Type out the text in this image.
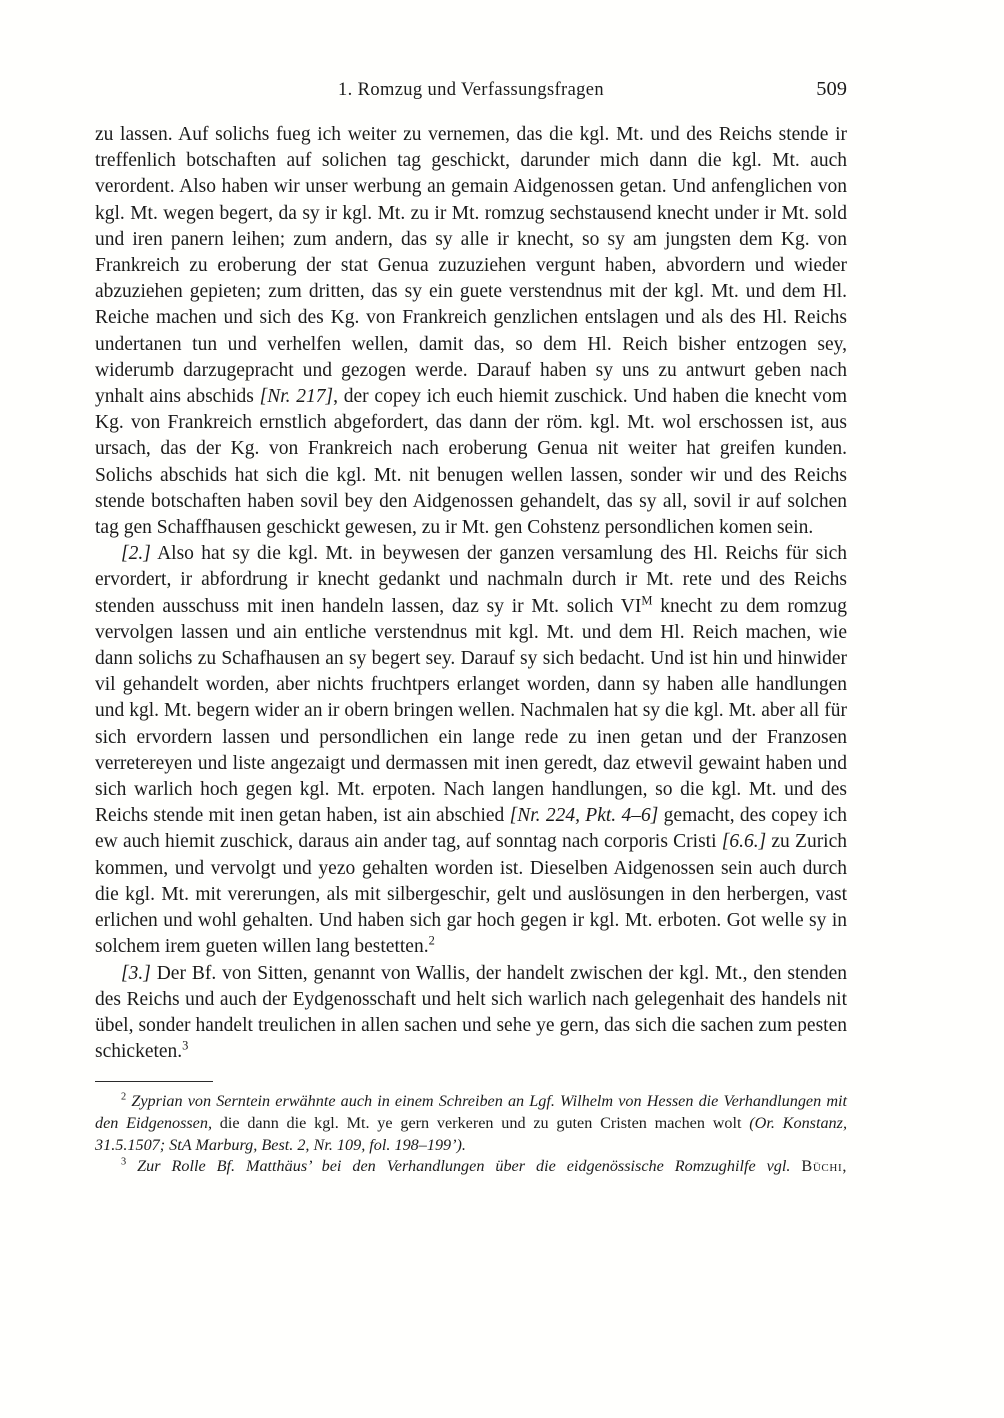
1. Romzug und Verfassungsfragen	509

zu lassen. Auf solichs fueg ich weiter zu vernemen, das die kgl. Mt. und des Reichs stende ir treffenlich botschaften auf solichen tag geschickt, darunder mich dann die kgl. Mt. auch verordent. Also haben wir unser werbung an gemain Aidgenossen getan. Und anfenglichen von kgl. Mt. wegen begert, da sy ir kgl. Mt. zu ir Mt. romzug sechstausend knecht under ir Mt. sold und iren panern leihen; zum andern, das sy alle ir knecht, so sy am jungsten dem Kg. von Frankreich zu eroberung der stat Genua zuzuziehen vergunt haben, abvordern und wieder abzuziehen gepieten; zum dritten, das sy ein guete verstendnus mit der kgl. Mt. und dem Hl. Reiche machen und sich des Kg. von Frankreich genzlichen entslagen und als des Hl. Reichs undertanen tun und verhelfen wellen, damit das, so dem Hl. Reich bisher entzogen sey, widerumb darzugepracht und gezogen werde. Darauf haben sy uns zu antwurt geben nach ynhalt ains abschids [Nr. 217], der copey ich euch hiemit zuschick. Und haben die knecht vom Kg. von Frankreich ernstlich abgefordert, das dann der röm. kgl. Mt. wol erschossen ist, aus ursach, das der Kg. von Frankreich nach eroberung Genua nit weiter hat greifen kunden. Solichs abschids hat sich die kgl. Mt. nit benugen wellen lassen, sonder wir und des Reichs stende botschaften haben sovil bey den Aidgenossen gehandelt, das sy all, sovil ir auf solchen tag gen Schaffhausen geschickt gewesen, zu ir Mt. gen Cohstenz persondlichen komen sein.

[2.] Also hat sy die kgl. Mt. in beywesen der ganzen versamlung des Hl. Reichs für sich ervordert, ir abfordrung ir knecht gedankt und nachmaln durch ir Mt. rete und des Reichs stenden ausschuss mit inen handeln lassen, daz sy ir Mt. solich $VI^M$ knecht zu dem romzug vervolgen lassen und ain entliche verstendnus mit kgl. Mt. und dem Hl. Reich machen, wie dann solichs zu Schafhausen an sy begert sey. Darauf sy sich bedacht. Und ist hin und hinwider vil gehandelt worden, aber nichts fruchtpers erlanget worden, dann sy haben alle handlungen und kgl. Mt. begern wider an ir obern bringen wellen. Nachmalen hat sy die kgl. Mt. aber all für sich ervordern lassen und persondlichen ein lange rede zu inen getan und der Franzosen verretereyen und liste angezaigt und dermassen mit inen geredt, daz etwevil gewaint haben und sich warlich hoch gegen kgl. Mt. erpoten. Nach langen handlungen, so die kgl. Mt. und des Reichs stende mit inen getan haben, ist ain abschied [Nr. 224, Pkt. 4–6] gemacht, des copey ich ew auch hiemit zuschick, daraus ain ander tag, auf sonntag nach corporis Cristi [6.6.] zu Zurich kommen, und vervolgt und yezo gehalten worden ist. Dieselben Aidgenossen sein auch durch die kgl. Mt. mit vererungen, als mit silbergeschir, gelt und auslösungen in den herbergen, vast erlichen und wohl gehalten. Und haben sich gar hoch gegen ir kgl. Mt. erboten. Got welle sy in solchem irem gueten willen lang bestetten.$^2$

[3.] Der Bf. von Sitten, genannt von Wallis, der handelt zwischen der kgl. Mt., den stenden des Reichs und auch der Eydgenosschaft und helt sich warlich nach gelegenhait des handels nit übel, sonder handelt treulichen in allen sachen und sehe ye gern, das sich die sachen zum pesten schicketen.$^3$

$^2$ Zyprian von Serntein erwähnte auch in einem Schreiben an Lgf. Wilhelm von Hessen die Verhandlungen mit den Eidgenossen, die dann die kgl. Mt. ye gern verkeren und zu guten Cristen machen wolt (Or. Konstanz, 31.5.1507; StA Marburg, Best. 2, Nr. 109, fol. 198–199’).

$^3$ Zur Rolle Bf. Matthäus’ bei den Verhandlungen über die eidgenössische Romzughilfe vgl. Büchi,
